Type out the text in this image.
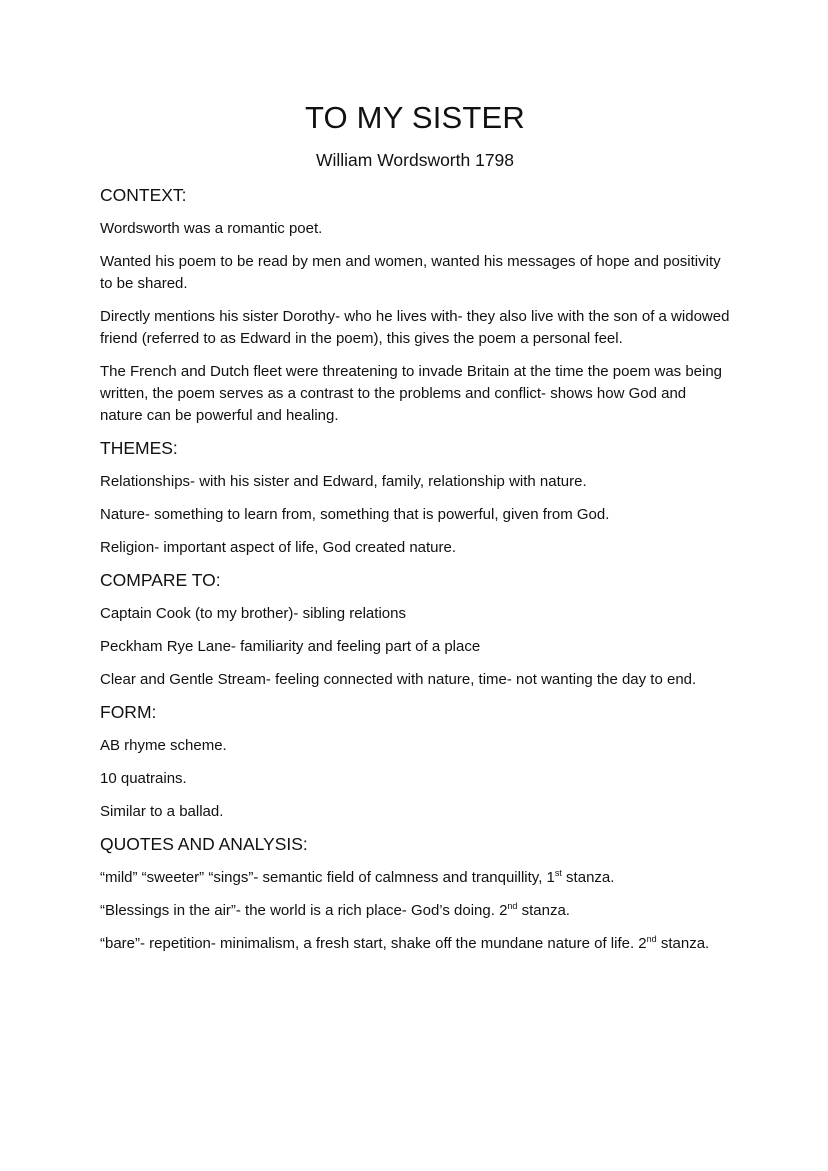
TO MY SISTER
William Wordsworth 1798
CONTEXT:

Wordsworth was a romantic poet.

Wanted his poem to be read by men and women, wanted his messages of hope and positivity to be shared.

Directly mentions his sister Dorothy- who he lives with- they also live with the son of a widowed friend (referred to as Edward in the poem), this gives the poem a personal feel.

The French and Dutch fleet were threatening to invade Britain at the time the poem was being written, the poem serves as a contrast to the problems and conflict- shows how God and nature can be powerful and healing.

THEMES:

Relationships- with his sister and Edward, family, relationship with nature.

Nature- something to learn from, something that is powerful, given from God.

Religion- important aspect of life, God created nature.

COMPARE TO:

Captain Cook (to my brother)- sibling relations

Peckham Rye Lane- familiarity and feeling part of a place

Clear and Gentle Stream- feeling connected with nature, time- not wanting the day to end.

FORM:

AB rhyme scheme.

10 quatrains.

Similar to a ballad.

QUOTES AND ANALYSIS:

“mild” “sweeter” “sings”- semantic field of calmness and tranquillity, 1st stanza.

“Blessings in the air”- the world is a rich place- God’s doing. 2nd stanza.

“bare”- repetition- minimalism, a fresh start, shake off the mundane nature of life. 2nd stanza.
